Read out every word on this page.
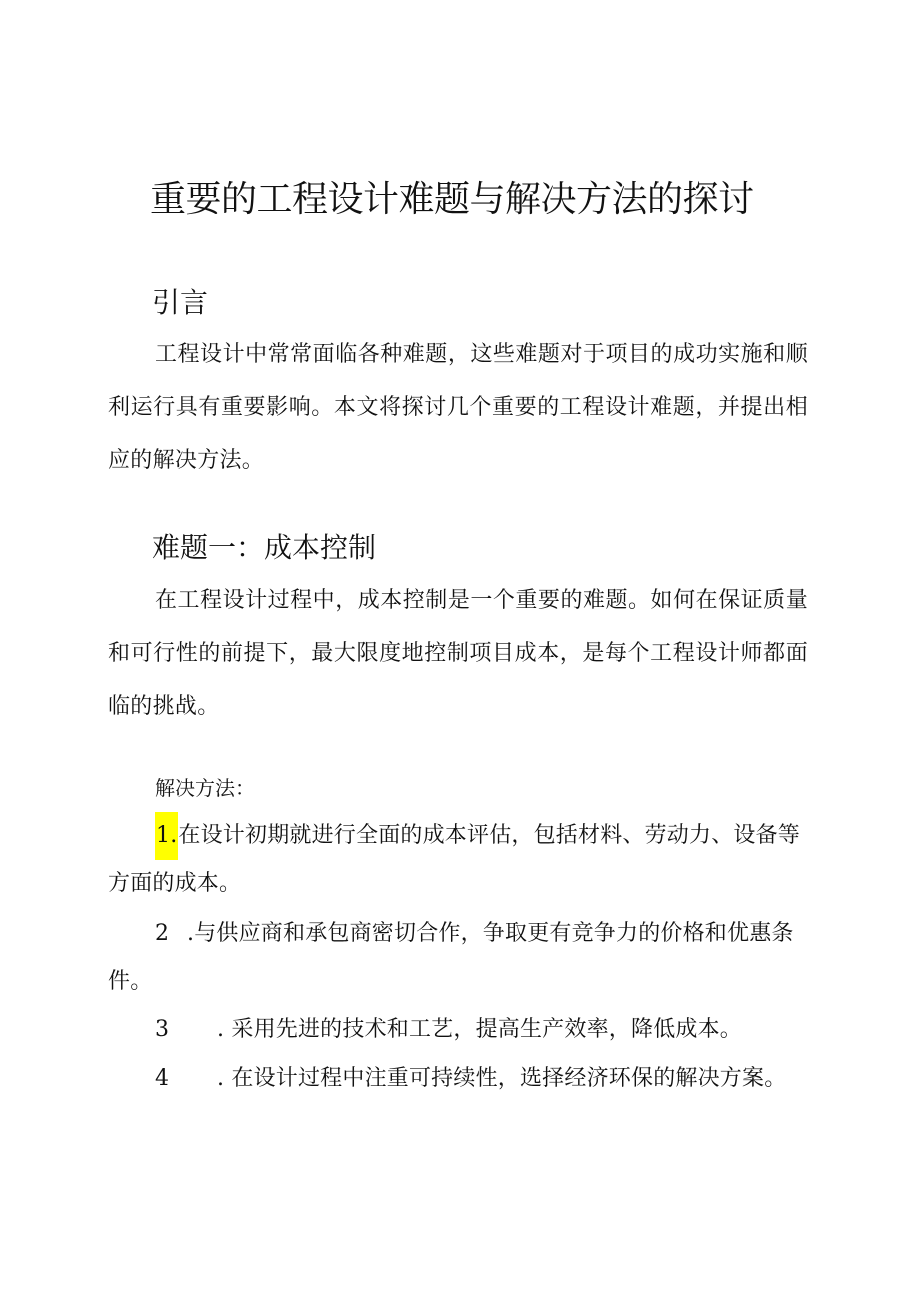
重要的工程设计难题与解决方法的探讨
引言

工程设计中常常面临各种难题，这些难题对于项目的成功实施和顺利运行具有重要影响。本文将探讨几个重要的工程设计难题，并提出相应的解决方法。

难题一：成本控制

在工程设计过程中，成本控制是一个重要的难题。如何在保证质量和可行性的前提下，最大限度地控制项目成本，是每个工程设计师都面临的挑战。

解决方法：

1.在设计初期就进行全面的成本评估，包括材料、劳动力、设备等方面的成本。

2 .与供应商和承包商密切合作，争取更有竞争力的价格和优惠条件。

3 . 采用先进的技术和工艺，提高生产效率，降低成本。

4 . 在设计过程中注重可持续性，选择经济环保的解决方案。
